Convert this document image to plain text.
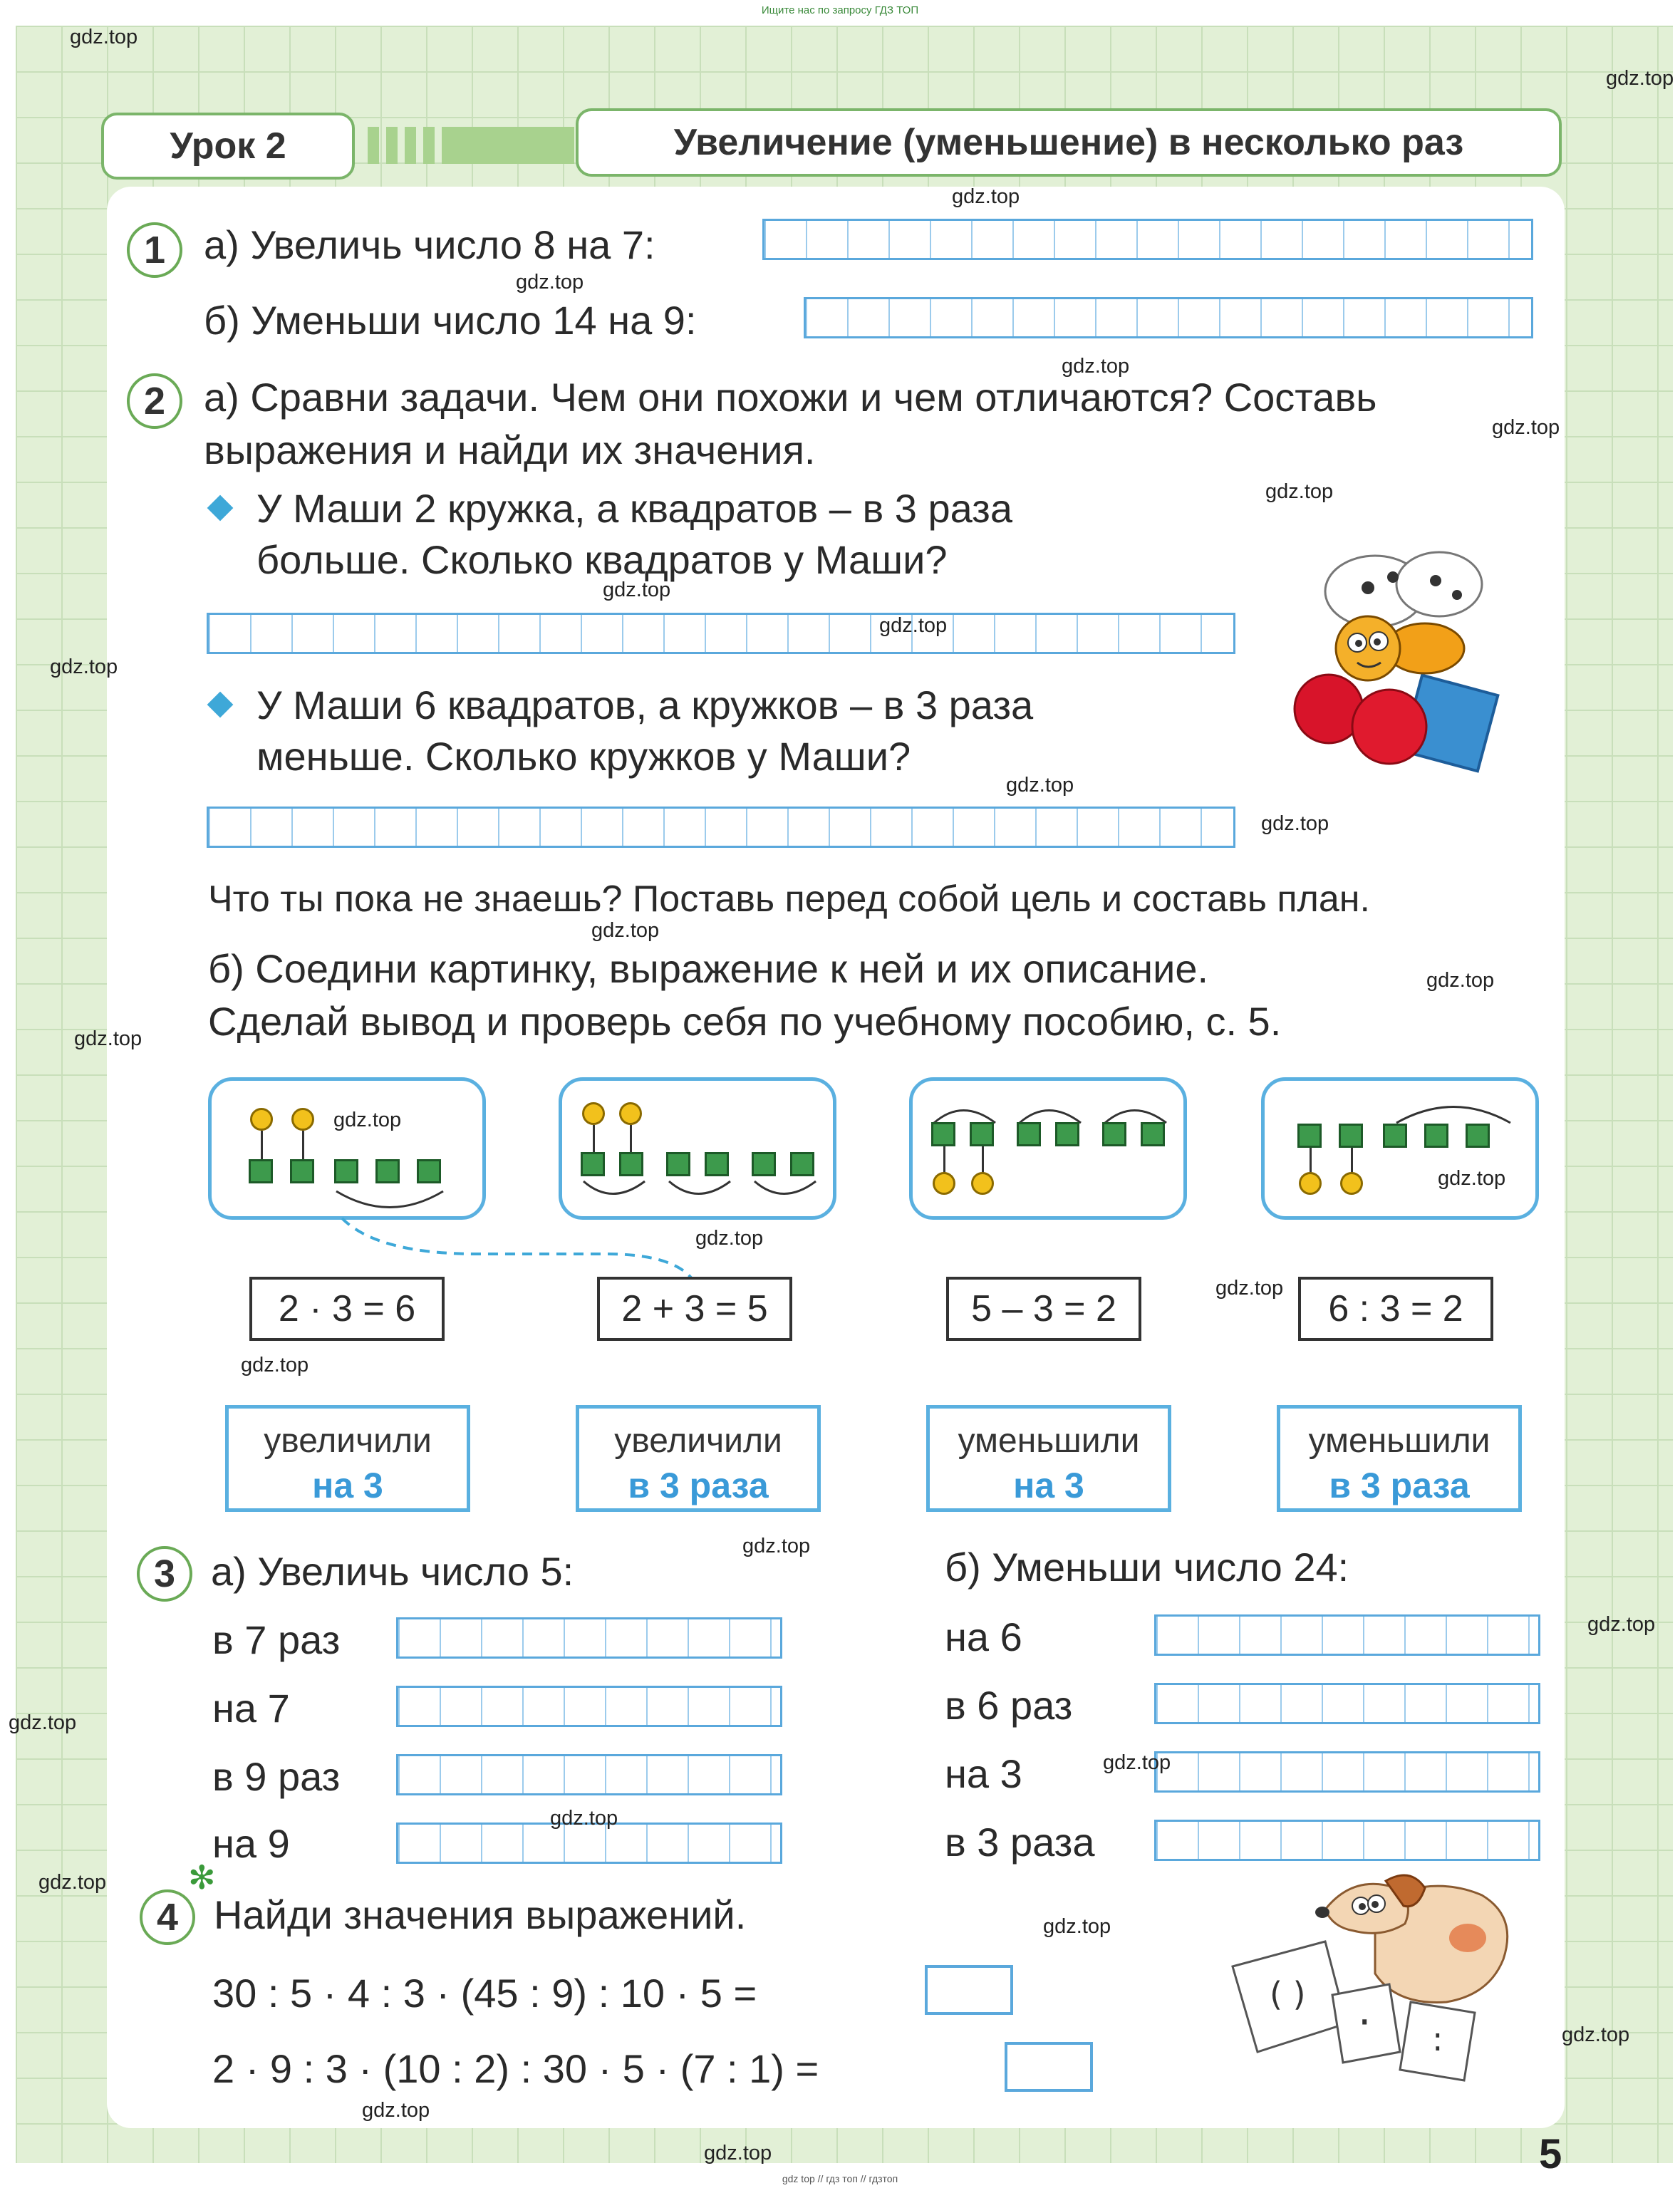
Ищите нас по запросу ГДЗ ТОП
Урок 2	Увеличение (уменьшение) в несколько раз
1 а) Увеличь число 8 на 7:
б) Уменьши число 14 на 9:
2 а) Сравни задачи. Чем они похожи и чем отличаются? Составь
выражения и найди их значения.
У Маши 2 кружка, а квадратов – в 3 раза
больше. Сколько квадратов у Маши?
У Маши 6 квадратов, а кружков – в 3 раза
меньше. Сколько кружков у Маши?
Что ты пока не знаешь? Поставь перед собой цель и составь план.
б) Соедини картинку, выражение к ней и их описание.
Сделай вывод и проверь себя по учебному пособию, с. 5.
2 · 3 = 6	2 + 3 = 5	5 – 3 = 2	6 : 3 = 2
увеличили
на 3
увеличили
в 3 раза
уменьшили
на 3
уменьшили
в 3 раза
3 а) Увеличь число 5:	б) Уменьши число 24:
в 7 раз
на 7
в 9 раз
на 9
на 6
в 6 раз
на 3
в 3 раза
✻
4 Найди значения выражений.
30 : 5 · 4 : 3 · (45 : 9) : 10 · 5 =
2 · 9 : 3 · (10 : 2) : 30 · 5 · (7 : 1) =
( )
· :
5
gdz top // гдз топ // гдзтоп
gdz.top
gdz.top
gdz.top
gdz.top
gdz.top
gdz.top
gdz.top
gdz.top
gdz.top
gdz.top
gdz.top
gdz.top
gdz.top
gdz.top
gdz.top
gdz.top
gdz.top
gdz.top
gdz.top
gdz.top
gdz.top
gdz.top
gdz.top
gdz.top
gdz.top
gdz.top
gdz.top
gdz.top
gdz.top
gdz.top
